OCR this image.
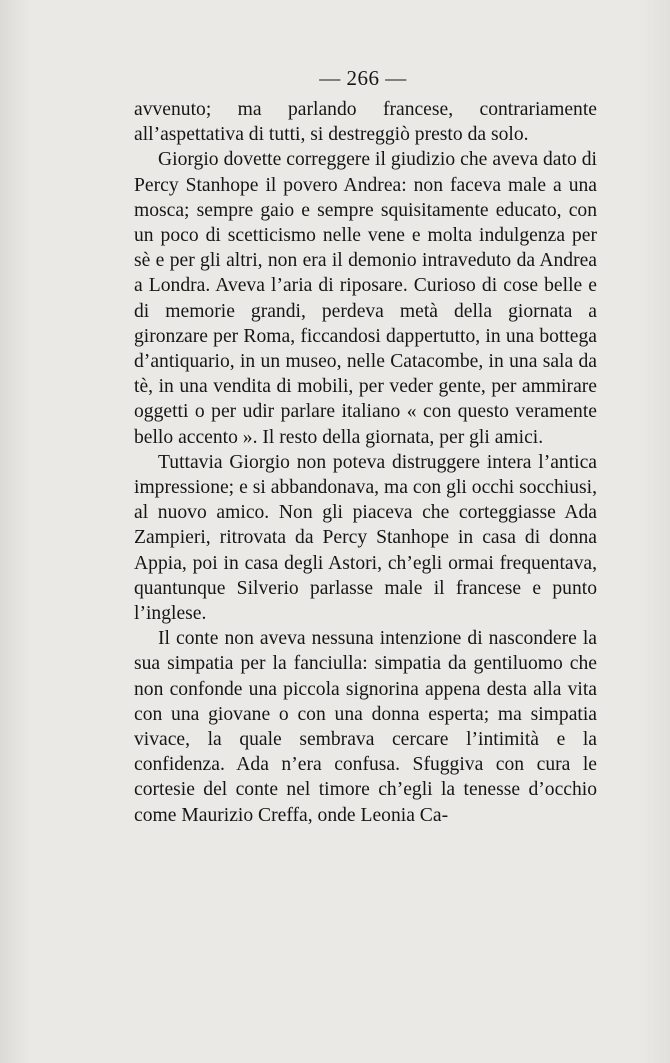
— 266 —

avvenuto; ma parlando francese, contrariamente all’aspettativa di tutti, si destreggiò presto da solo.

Giorgio dovette correggere il giudizio che aveva dato di Percy Stanhope il povero Andrea: non faceva male a una mosca; sempre gaio e sempre squisitamente educato, con un poco di scetticismo nelle vene e molta indulgenza per sè e per gli altri, non era il demonio intraveduto da Andrea a Londra. Aveva l’aria di riposare. Curioso di cose belle e di memorie grandi, perdeva metà della giornata a gironzare per Roma, ficcandosi dappertutto, in una bottega d’antiquario, in un museo, nelle Catacombe, in una sala da tè, in una vendita di mobili, per veder gente, per ammirare oggetti o per udir parlare italiano « con questo veramente bello accento ». Il resto della giornata, per gli amici.

Tuttavia Giorgio non poteva distruggere intera l’antica impressione; e si abbandonava, ma con gli occhi socchiusi, al nuovo amico. Non gli piaceva che corteggiasse Ada Zampieri, ritrovata da Percy Stanhope in casa di donna Appia, poi in casa degli Astori, ch’egli ormai frequentava, quantunque Silverio parlasse male il francese e punto l’inglese.

Il conte non aveva nessuna intenzione di nascondere la sua simpatia per la fanciulla: simpatia da gentiluomo che non confonde una piccola signorina appena desta alla vita con una giovane o con una donna esperta; ma simpatia vivace, la quale sembrava cercare l’intimità e la confidenza. Ada n’era confusa. Sfuggiva con cura le cortesie del conte nel timore ch’egli la tenesse d’occhio come Maurizio Creffa, onde Leonia Ca-
